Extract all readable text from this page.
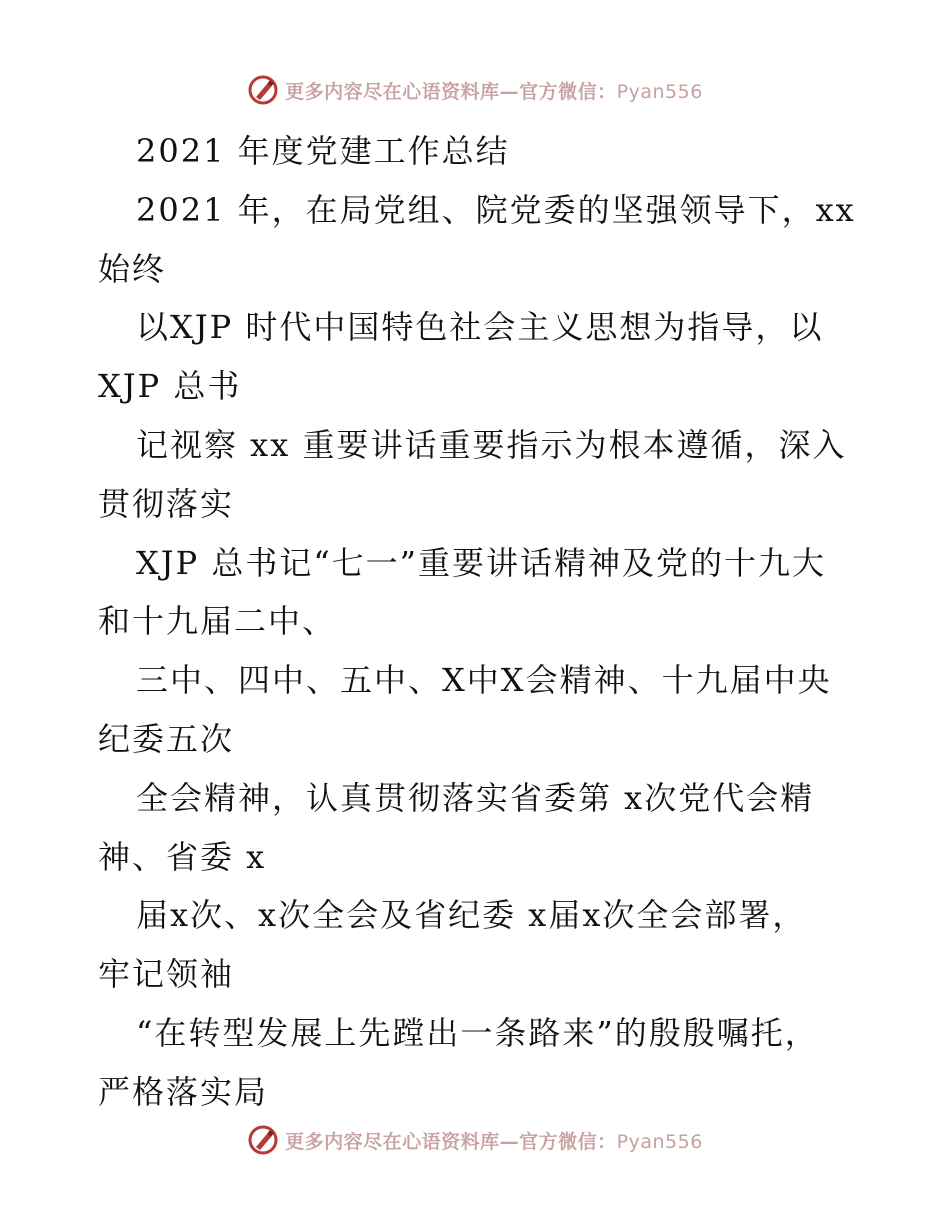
更多内容尽在心语资料库—官方微信：Pyan556
2021 年度党建工作总结
2021 年，在局党组、院党委的坚强领导下，xx
始终
以XJP 时代中国特色社会主义思想为指导，以
XJP 总书
记视察 xx 重要讲话重要指示为根本遵循，深入
贯彻落实
XJP 总书记“七一”重要讲话精神及党的十九大
和十九届二中、
三中、四中、五中、X中X会精神、十九届中央
纪委五次
全会精神，认真贯彻落实省委第 x次党代会精
神、省委 x
届x次、x次全会及省纪委 x届x次全会部署，
牢记领袖
“在转型发展上先蹚出一条路来”的殷殷嘱托，
严格落实局
更多内容尽在心语资料库—官方微信：Pyan556
